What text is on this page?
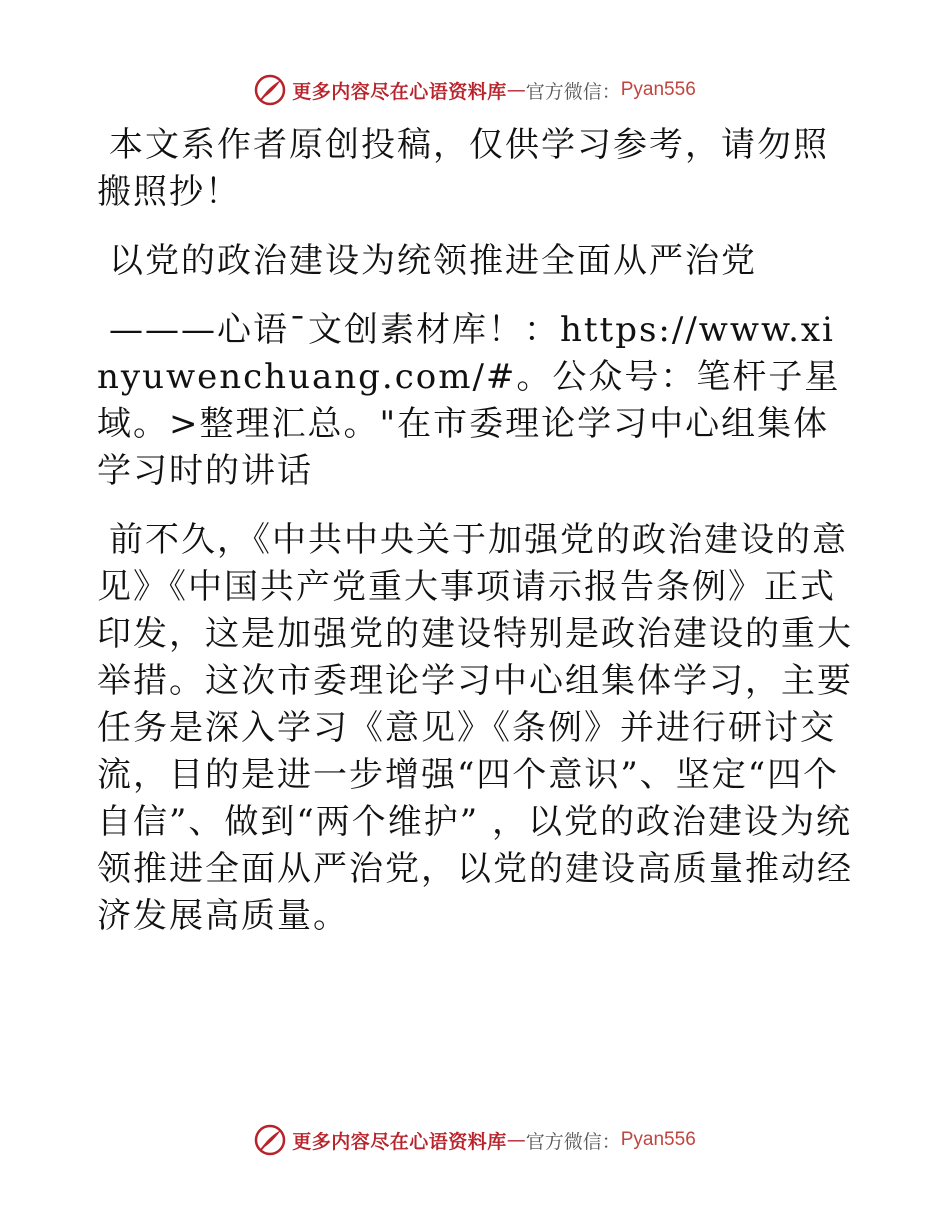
更多内容尽在心语资料库 — 官方微信： Pyan556

本文系作者原创投稿，仅供学习参考，请勿照搬照抄！

以党的政治建设为统领推进全面从严治党

———心语¯文创素材库！：https://www.xinyuwenchuang.com/#。公众号：笔杆子星域。>整理汇总。"在市委理论学习中心组集体学习时的讲话

前不久，《中共中央关于加强党的政治建设的意见》《中国共产党重大事项请示报告条例》正式印发，这是加强党的建设特别是政治建设的重大举措。这次市委理论学习中心组集体学习，主要任务是深入学习《意见》《条例》并进行研讨交流，目的是进一步增强“四个意识”、坚定“四个自信”、做到“两个维护” ，以党的政治建设为统领推进全面从严治党，以党的建设高质量推动经济发展高质量。

更多内容尽在心语资料库 — 官方微信： Pyan556
